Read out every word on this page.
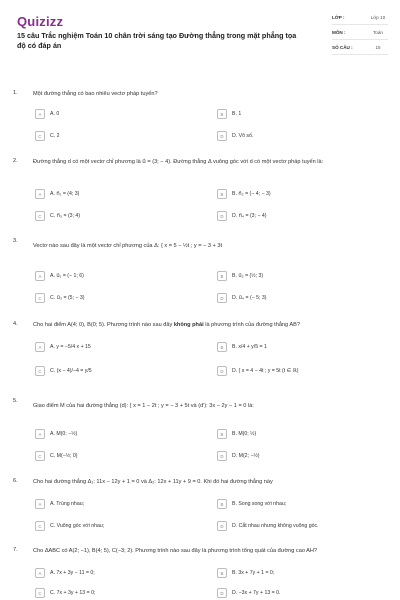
Quizizz
15 câu Trắc nghiệm Toán 10 chân trời sáng tạo Đường thẳng trong mặt phẳng tọa độ có đáp án
LỚP :	Lớp 10
MÔN :	Toán
SỐ CÂU :	15
1.	Một đường thẳng có bao nhiêu vectơ pháp tuyến?
A	A. 0	B	B. 1
C	C. 2	D	D. Vô số.
2.	Đường thẳng d có một vectơ chỉ phương là u⃗ = (3; − 4). Đường thẳng Δ vuông góc với d có một vectơ pháp tuyến là:
A	A. n⃗₁ = (4; 3)	B	B. n⃗₂ = (− 4; − 3)
C	C. n⃗₃ = (3; 4)	D	D. n⃗₄ = (3; − 4)
3.
Vectơ nào sau đây là một vectơ chỉ phương của Δ: { x = 5 − ½t ; y = − 3 + 3t
A	A. u⃗₁ = (− 1; 6)	B	B. u⃗₂ = (½; 3)
C	C. u⃗₃ = (5; − 3)	D	D. u⃗₄ = (− 5; 3)
4.	Cho hai điểm A(4; 0), B(0; 5). Phương trình nào sau đây không phải là phương trình của đường thẳng AB?
A	A. y = −5/4 x + 15	B	B. x/4 + y/5 = 1
C	C. (x − 4)/−4 = y/5	D	D. { x = 4 − 4t ; y = 5t (t ∈ ℝ)
5.
Giao điểm M của hai đường thẳng (d): { x = 1 − 2t ; y = − 3 + 5t và (d'): 3x − 2y − 1 = 0 là:
A	A. M(0; −½)	B	B. M(0; ½)
C	C. M(−½; 0)	D	D. M(2; −½)
6.	Cho hai đường thẳng Δ₁: 11x − 12y + 1 = 0 và Δ₂: 12x + 11y + 9 = 0. Khi đó hai đường thẳng này
A	A. Trùng nhau;	B	B. Song song với nhau;
C	C. Vuông góc với nhau;	D	D. Cắt nhau nhưng không vuông góc.
7.	Cho ΔABC có A(2; −1), B(4; 5), C(−3; 2). Phương trình nào sau đây là phương trình tổng quát của đường cao AH?
A	A. 7x + 3y − 11 = 0;	B	B. 3x + 7y + 1 = 0;
C	C. 7x + 3y + 13 = 0;	D	D. −3x + 7y + 13 = 0.
